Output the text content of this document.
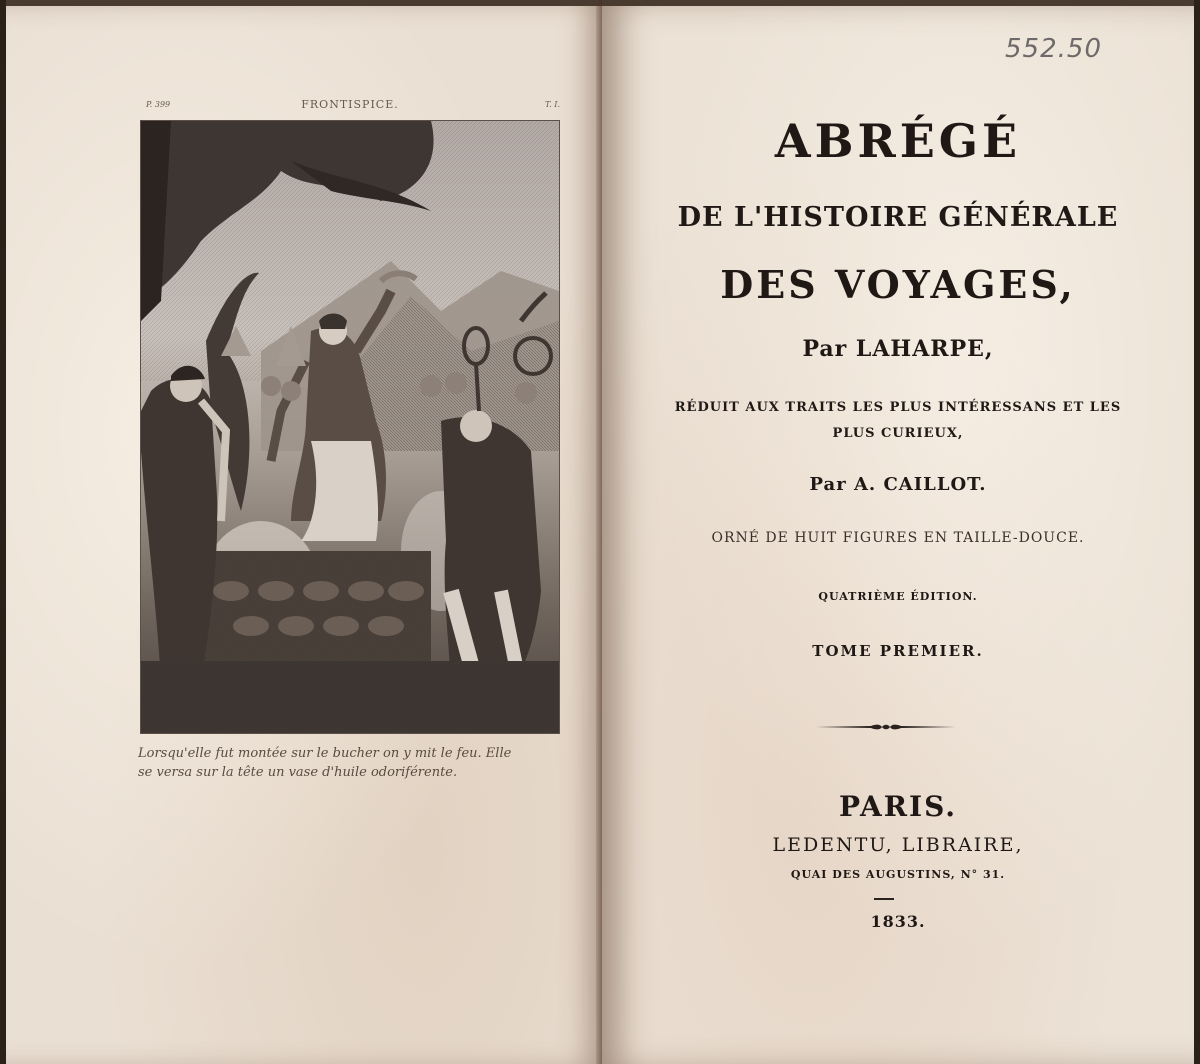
P. 399	FRONTISPICE.	T. I.
Lorsqu'elle fut montée sur le bucher on y mit le feu. Elle
se versa sur la tête un vase d'huile odoriférente.
552.50
ABRÉGÉ
DE L'HISTOIRE GÉNÉRALE
DES VOYAGES,
Par LAHARPE,
RÉDUIT AUX TRAITS LES PLUS INTÉRESSANS ET LES
PLUS CURIEUX,
Par A. CAILLOT.
ORNÉ DE HUIT FIGURES EN TAILLE-DOUCE.
QUATRIÈME ÉDITION.
TOME PREMIER.
PARIS.
LEDENTU, LIBRAIRE,
QUAI DES AUGUSTINS, N° 31.
1833.
